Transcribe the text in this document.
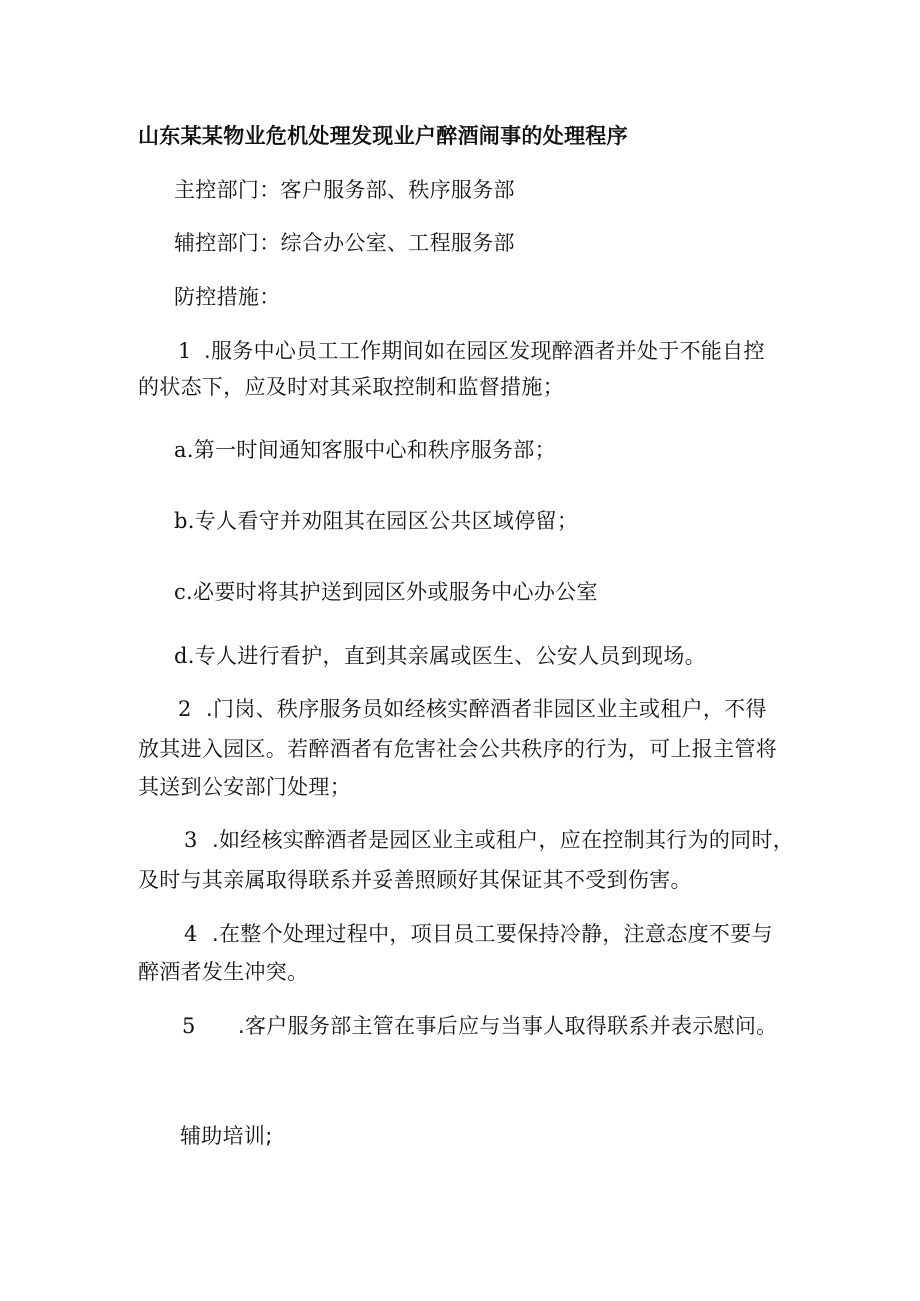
山东某某物业危机处理发现业户醉酒闹事的处理程序
主控部门：客户服务部、秩序服务部
辅控部门：综合办公室、工程服务部
防控措施：
1 .服务中心员工工作期间如在园区发现醉酒者并处于不能自控
的状态下，应及时对其采取控制和监督措施；
a.第一时间通知客服中心和秩序服务部；
b.专人看守并劝阻其在园区公共区域停留；
c.必要时将其护送到园区外或服务中心办公室
d.专人进行看护，直到其亲属或医生、公安人员到现场。
2 .门岗、秩序服务员如经核实醉酒者非园区业主或租户，不得
放其进入园区。若醉酒者有危害社会公共秩序的行为，可上报主管将
其送到公安部门处理；
3 .如经核实醉酒者是园区业主或租户，应在控制其行为的同时，
及时与其亲属取得联系并妥善照顾好其保证其不受到伤害。
4 .在整个处理过程中，项目员工要保持冷静，注意态度不要与
醉酒者发生冲突。
5 .客户服务部主管在事后应与当事人取得联系并表示慰问。
辅助培训;
